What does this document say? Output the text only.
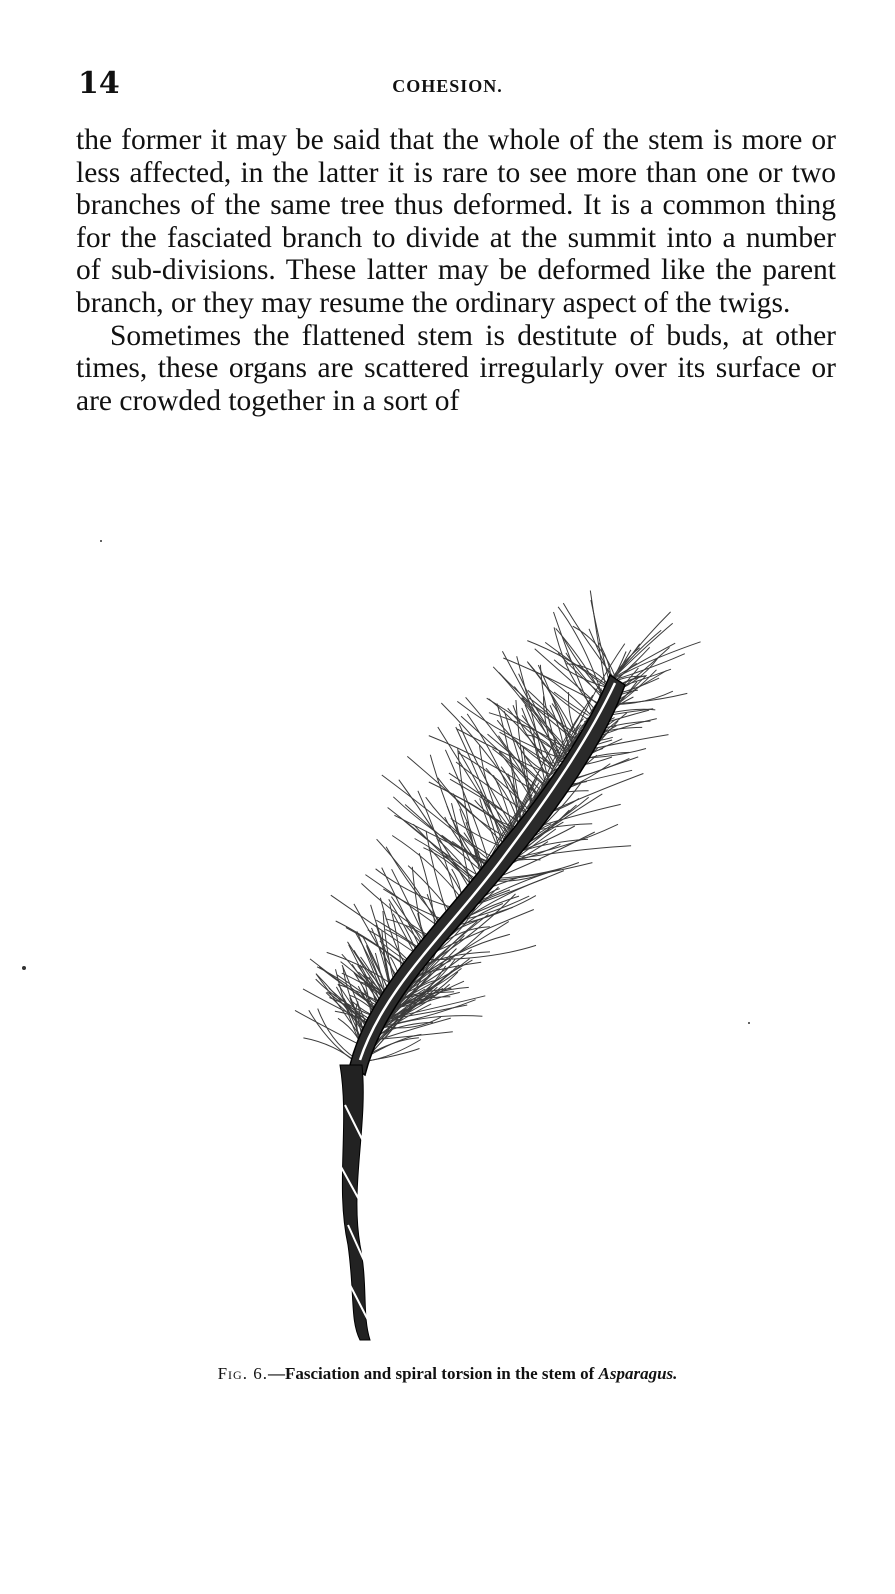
14	COHESION.

the former it may be said that the whole of the stem is more or less affected, in the latter it is rare to see more than one or two branches of the same tree thus deformed. It is a common thing for the fasciated branch to divide at the summit into a number of sub-divisions. These latter may be deformed like the parent branch, or they may resume the ordinary aspect of the twigs.

Sometimes the flattened stem is destitute of buds, at other times, these organs are scattered irregularly over its surface or are crowded together in a sort of

Fig. 6.—Fasciation and spiral torsion in the stem of Asparagus.
